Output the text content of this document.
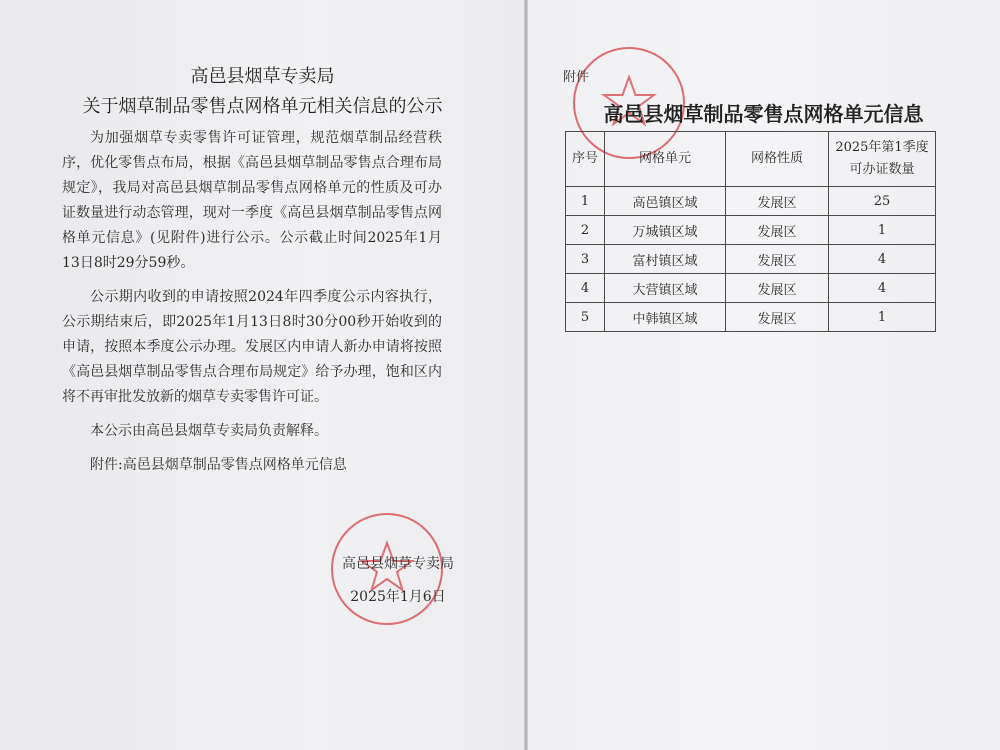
高邑县烟草专卖局
关于烟草制品零售点网格单元相关信息的公示

为加强烟草专卖零售许可证管理，规范烟草制品经营秩序，优化零售点布局，根据《高邑县烟草制品零售点合理布局规定》，我局对高邑县烟草制品零售点网格单元的性质及可办证数量进行动态管理，现对一季度《高邑县烟草制品零售点网格单元信息》(见附件)进行公示。公示截止时间2025年1月13日8时29分59秒。

公示期内收到的申请按照2024年四季度公示内容执行，公示期结束后，即2025年1月13日8时30分00秒开始收到的申请，按照本季度公示办理。发展区内申请人新办申请将按照《高邑县烟草制品零售点合理布局规定》给予办理，饱和区内将不再审批发放新的烟草专卖零售许可证。

本公示由高邑县烟草专卖局负责解释。

附件:高邑县烟草制品零售点网格单元信息

高邑县烟草专卖局
2025年1月6日
附件
高邑县烟草制品零售点网格单元信息
序号	网格单元	网格性质	2025年第1季度可办证数量
1	高邑镇区域	发展区	25
2	万城镇区域	发展区	1
3	富村镇区域	发展区	4
4	大营镇区域	发展区	4
5	中韩镇区域	发展区	1
